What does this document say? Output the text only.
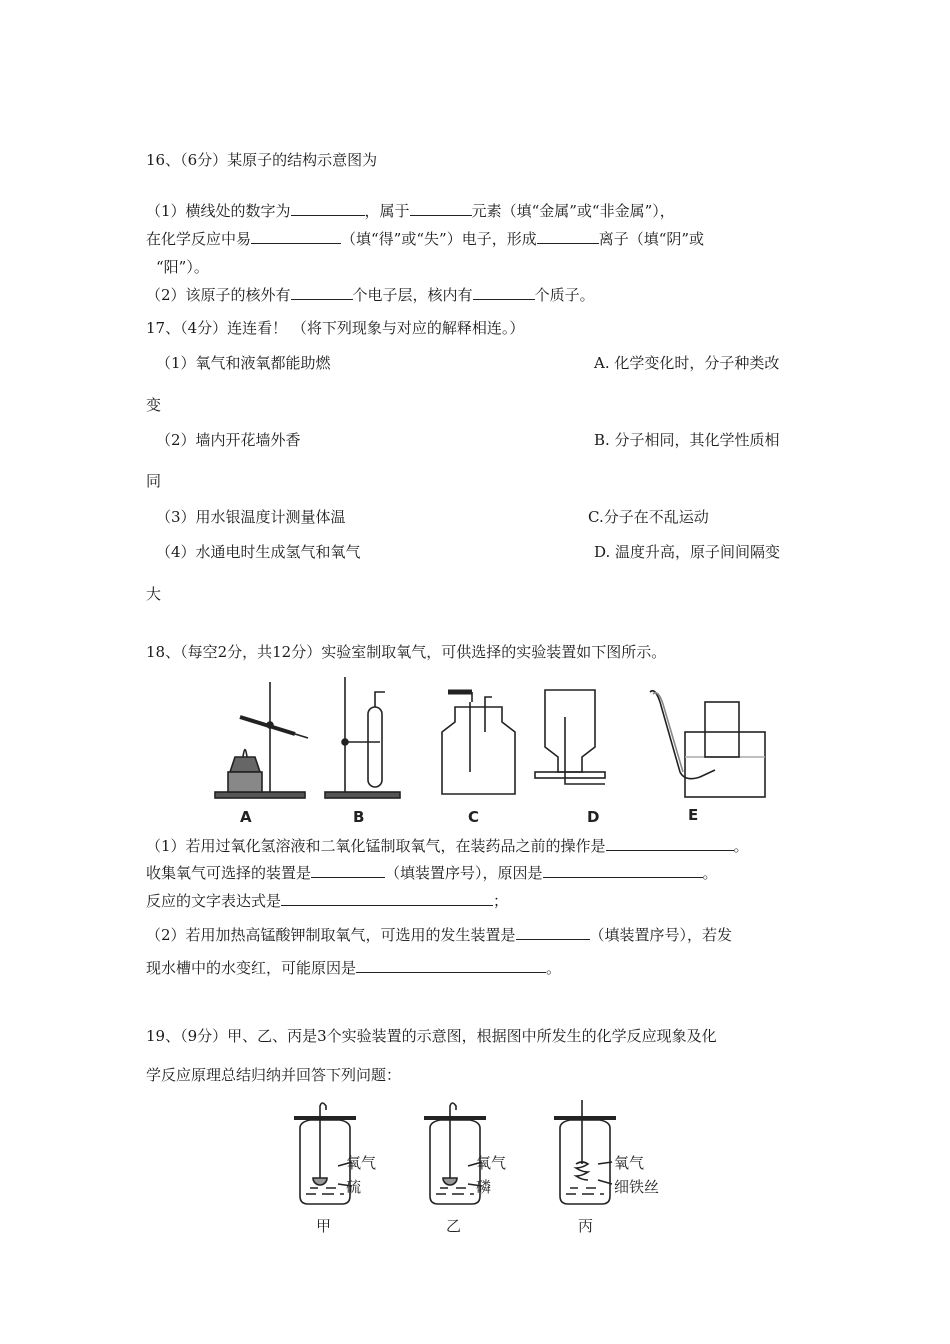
16、（6分）某原子的结构示意图为
（1）横线处的数字为	，属于	元素（填“金属”或“非金属”），
在化学反应中易	（填“得”或“失”）电子，形成	离子（填“阴”或
“阳”）。
（2）该原子的核外有	个电子层，核内有	个质子。
17、（4分）连连看！ （将下列现象与对应的解释相连。）
（1）氧气和液氧都能助燃	A. 化学变化时，分子种类改
变
（2）墙内开花墙外香	B. 分子相同，其化学性质相
同
（3）用水银温度计测量体温	C.分子在不乱运动
（4）水通电时生成氢气和氧气	D. 温度升高，原子间间隔变
大
18、（每空2分，共12分）实验室制取氧气，可供选择的实验装置如下图所示。
A	B	C	D	E
（1）若用过氧化氢溶液和二氧化锰制取氧气，在装药品之前的操作是	。
收集氧气可选择的装置是	（填装置序号），原因是	。
反应的文字表达式是	；
（2）若用加热高锰酸钾制取氧气，可选用的发生装置是	（填装置序号），若发
现水槽中的水变红，可能原因是	。
19、（9分）甲、乙、丙是3个实验装置的示意图，根据图中所发生的化学反应现象及化
学反应原理总结归纳并回答下列问题：
氧气
硫
氧气
磷
氧气
细铁丝
甲	乙	丙
